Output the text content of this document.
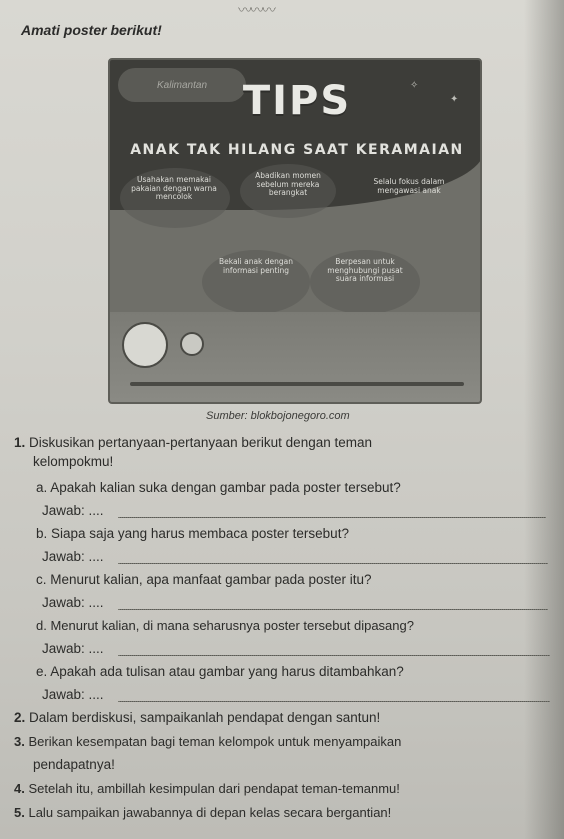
〰〰〰
Amati poster berikut!
Kalimantan TIPS
ANAK TAK HILANG SAAT KERAMAIAN
✦
✧
Usahakan memakai pakaian dengan warna mencolok
Abadikan momen sebelum mereka berangkat
Selalu fokus dalam mengawasi anak
Bekali anak dengan informasi penting
Berpesan untuk menghubungi pusat suara informasi
Sumber: blokbojonegoro.com
1. Diskusikan pertanyaan-pertanyaan berikut dengan teman
kelompokmu!
a. Apakah kalian suka dengan gambar pada poster tersebut?
Jawab: ....
b. Siapa saja yang harus membaca poster tersebut?
Jawab: ....
c. Menurut kalian, apa manfaat gambar pada poster itu?
Jawab: ....
d. Menurut kalian, di mana seharusnya poster tersebut dipasang?
Jawab: ....
e. Apakah ada tulisan atau gambar yang harus ditambahkan?
Jawab: ....
2. Dalam berdiskusi, sampaikanlah pendapat dengan santun!
3. Berikan kesempatan bagi teman kelompok untuk menyampaikan
pendapatnya!
4. Setelah itu, ambillah kesimpulan dari pendapat teman-temanmu!
5. Lalu sampaikan jawabannya di depan kelas secara bergantian!
